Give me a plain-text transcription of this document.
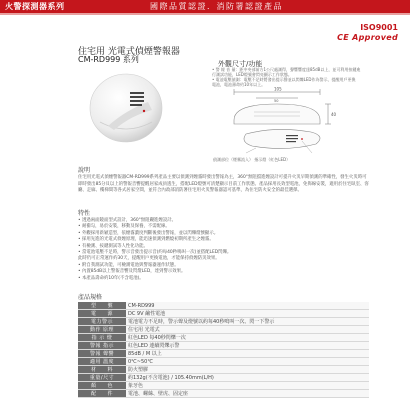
火警探測器系列	國際品質認證．消防署認證產品
ISO9001
CE Approved
住宅用 光電式偵煙警報器
CM-RD999 系列	外觀尺寸/功能
• 警 報 音 量：距中央部前方1公尺處測得，聲響響度達85dB以上，並可利用按鍵進
行測試功能，LED燈號會閃亮顯示工作狀態。
• 電池電壓偵測：電壓不足時將發出提示聲並以閃爍LED作為警示，提醒用戶更換
電池，電池壽命約10年以上。
105
50
40
偵測部位（煙霧流入） 指示燈（紅色LED）
說明
住宅用光電式偵煙警報器CM-RD999系列產品主要以偵測到煙霧時發出警報為主，360°無阻擋進煙設計可提升火災早期偵測的準確性，發生火災時可即時發出85分貝以上的警報音響提醒居家成員逃生，搭配LED燈號可清楚顯示目前工作狀態。產品採用長效型電池，免佈線安裝，適用於住宅臥室、客廳、走廊、樓梯間等各式居家空間，並符合內政部消防署住宅用火災警報器認可基準，為住宅防火安全的最佳選擇。
特性
• 透過兩面鏡面型式設計，360°無阻礙進煙設計。
• 耐衝勾，易於安裝，移動及保養，不需配線。
• 外觀採用新穎造型，依煙霧濃度判斷後發出警報，並以閃爍燈號顯示。
• 採用先進的光電式偵煙原理，能迅速偵測到燃燒初期所產生之煙霧。
• 有檢測、按鍵測試等人性化功能。
• 當電池電壓不足時，警示音發出提示音(約每40秒鳴叫一次)並搭配LED閃爍。
此時仍可正常運作約30天，提醒用戶更換電池，才能保持偵煙防災效果。
• 附自我測試功能，可檢測電池與警報器運作狀態。
• 內置85dB以上警報音響及閃燈LED，達到警示效果。
• 本產品壽命約10年(不含電池)。
產品規格
型　　號	CM-RD999
電　　源	DC 9V 鹼性電池
電力警示	電池電力不足時，警示聲及燈號以約每40秒鳴叫一次、閃一下警示
動作 原理	住宅用 光電式
指 示 燈	紅色LED 每40秒閃爍一次
警報 指示	紅色LED 連續閃爍示警
警報 聲響	85dB / M 以上
適用 溫度	0℃~50℃
材　　料	防火塑膠
重量/尺寸	約132g(不含電池) / 105.40mm(L/H)
顏　　色	象牙色
配　　件	電池、螺絲、壁虎、固定座
